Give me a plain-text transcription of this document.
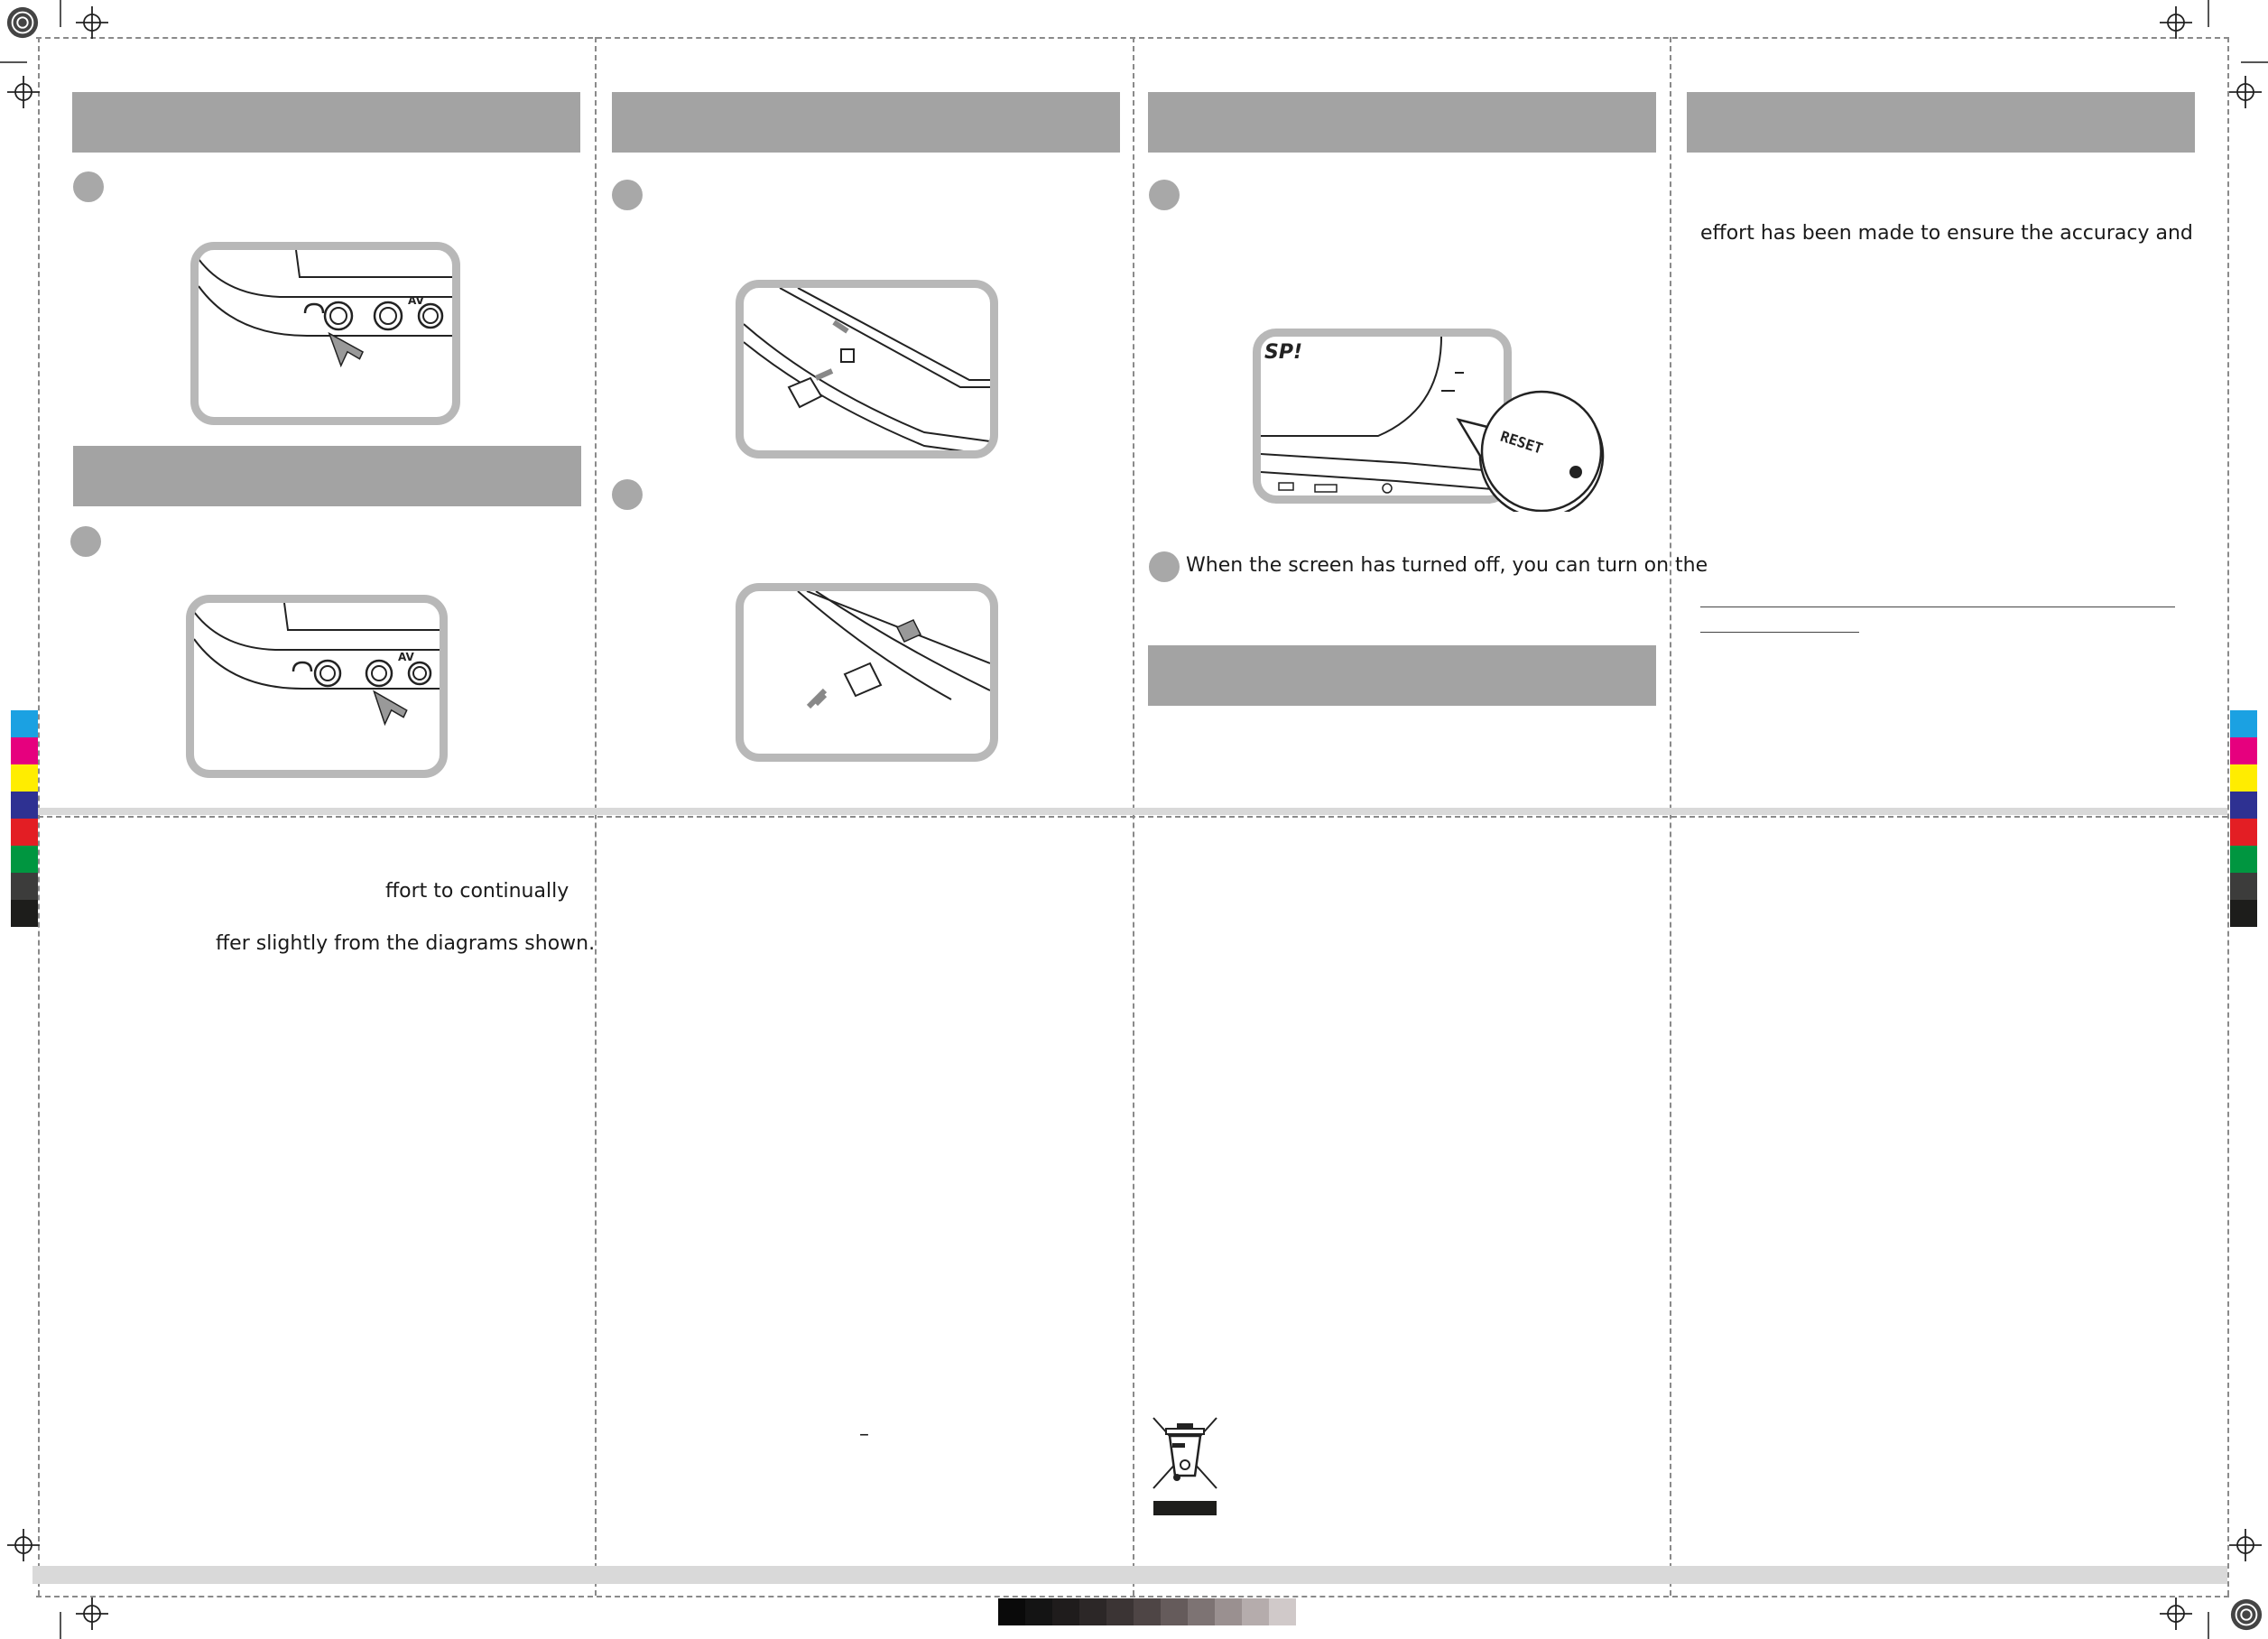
AV
AV
SP!
RESET
When the screen has turned off, you can turn on the
effort has been made to ensure the accuracy and
ffort to continually
ffer slightly from the diagrams shown.
–
